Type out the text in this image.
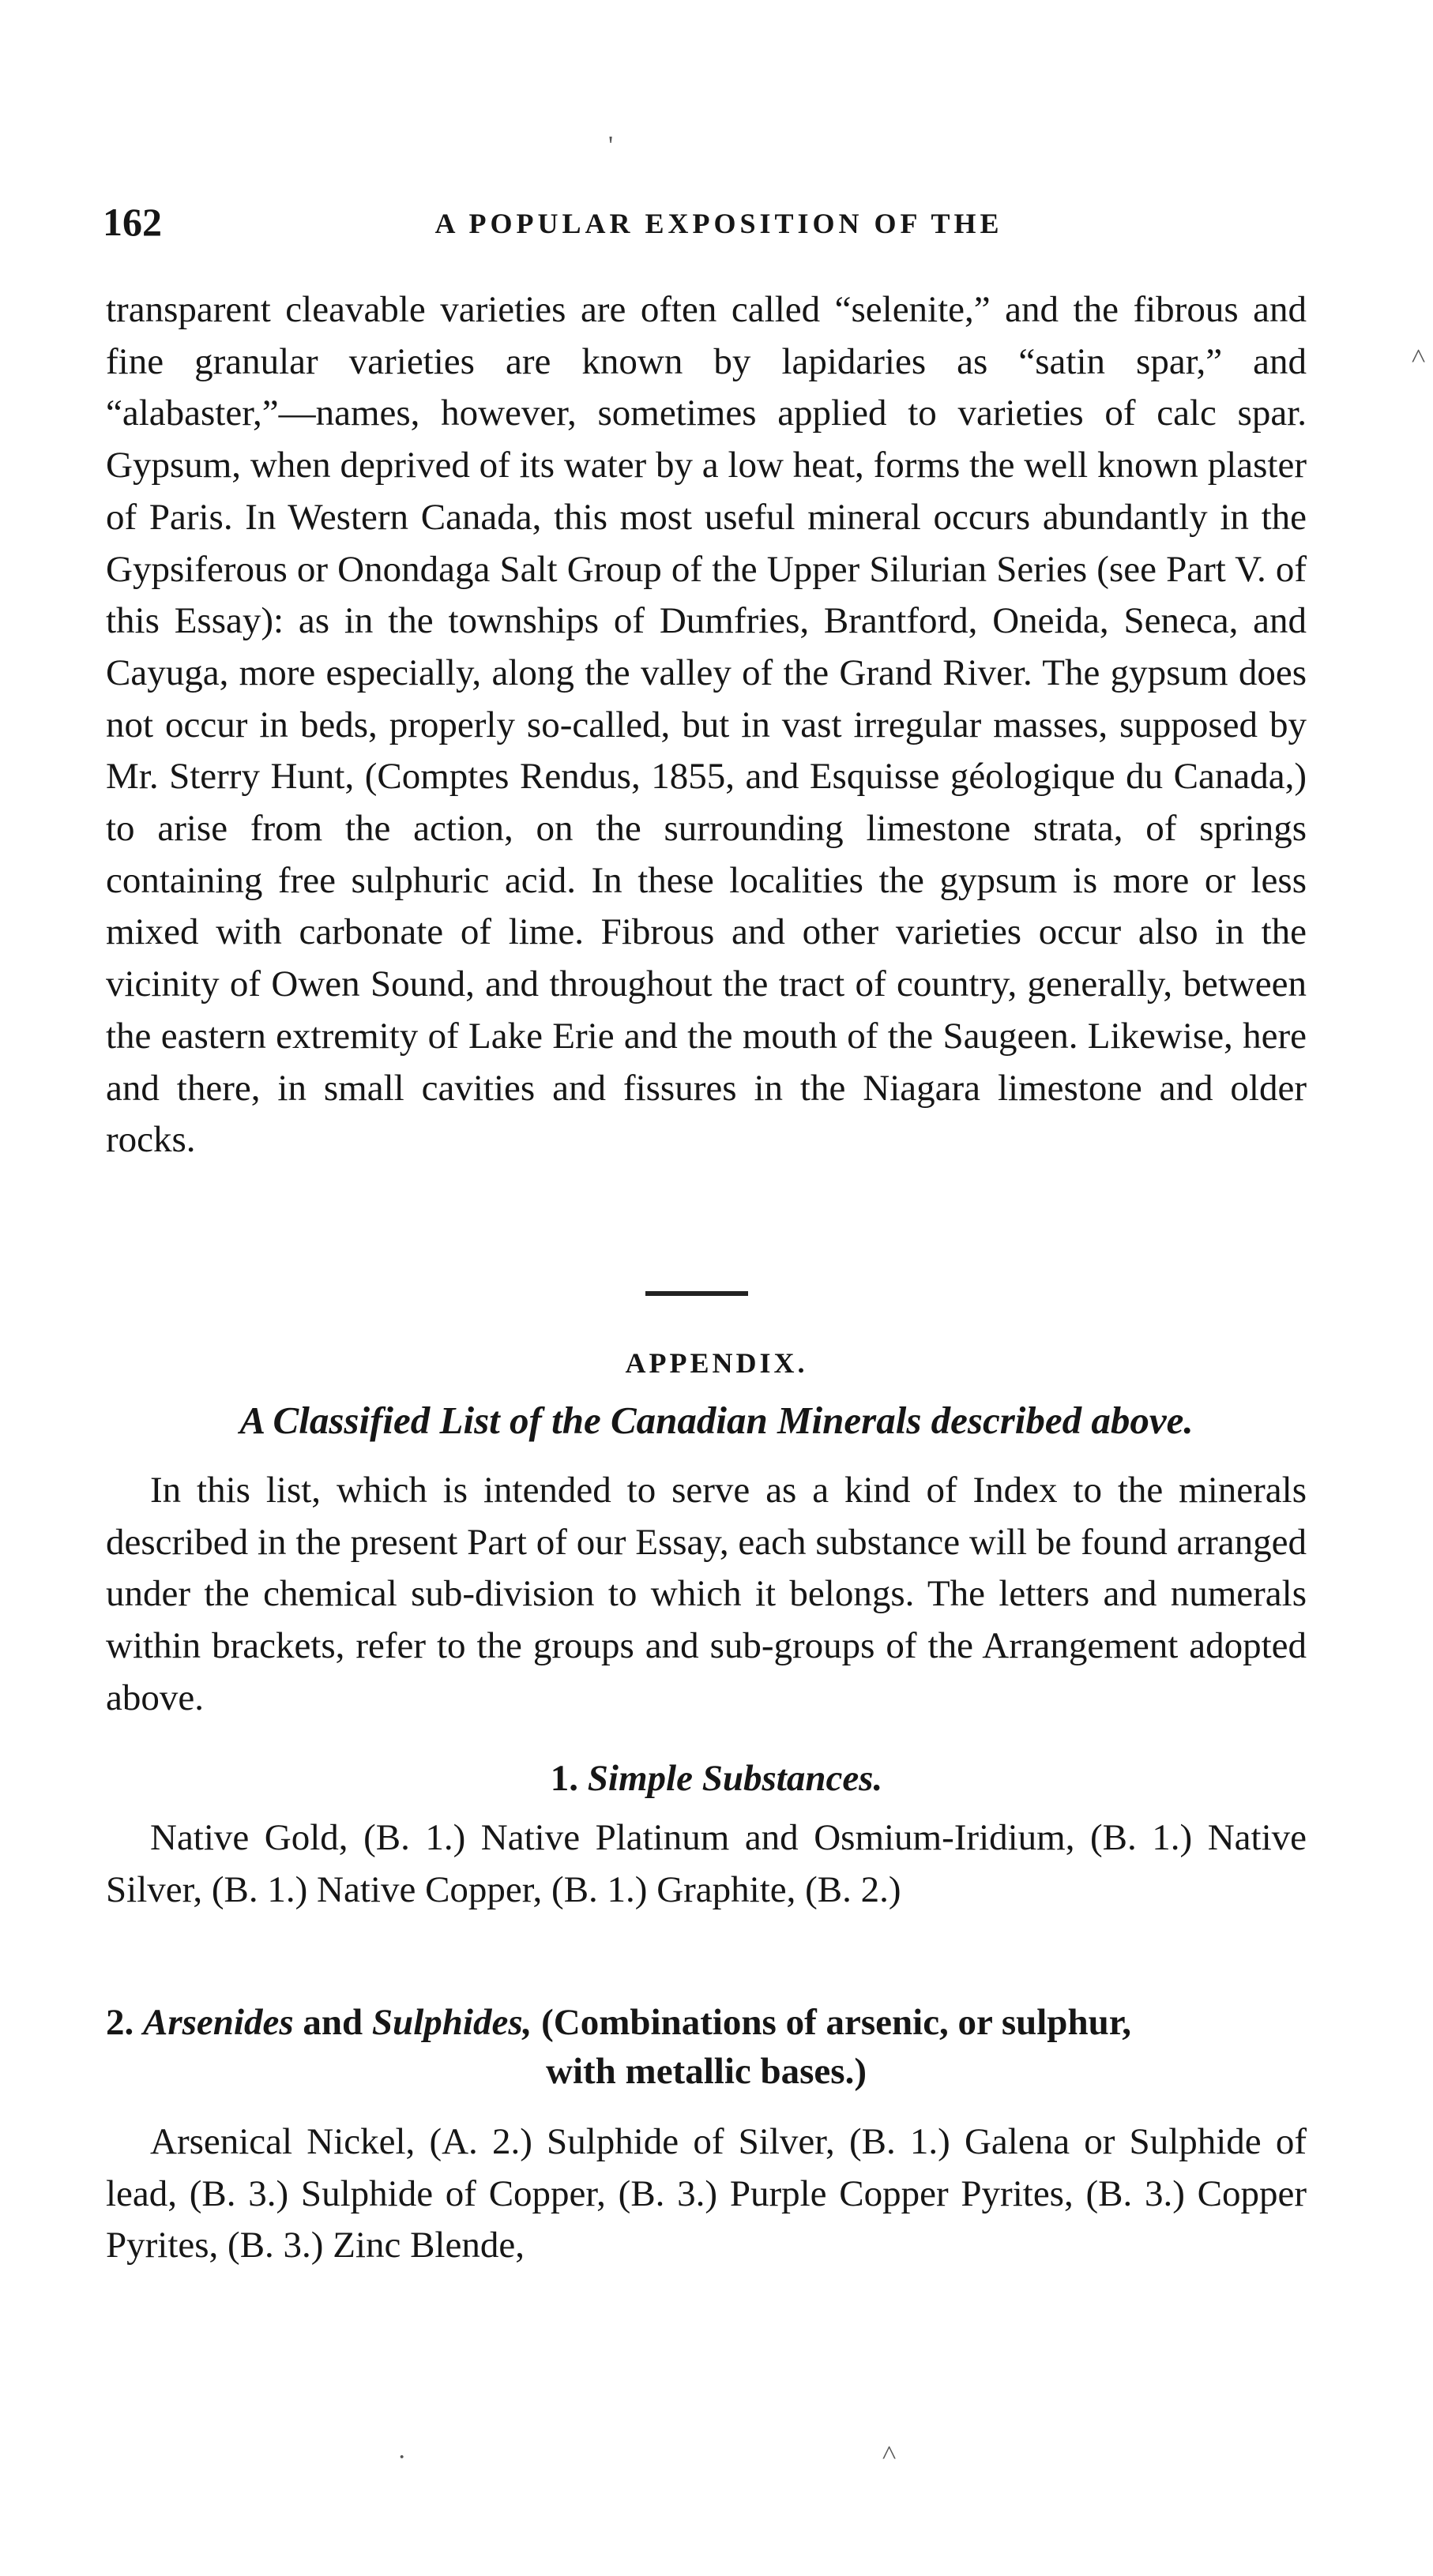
'
˄
162	A POPULAR EXPOSITION OF THE

transparent cleavable varieties are often called “selenite,” and the fibrous and fine granular varieties are known by lapidaries as “satin spar,” and “alabaster,”—names, however, sometimes applied to varieties of calc spar. Gypsum, when deprived of its water by a low heat, forms the well known plaster of Paris. In Western Canada, this most useful mineral occurs abundantly in the Gypsiferous or Onondaga Salt Group of the Upper Silurian Series (see Part V. of this Essay): as in the townships of Dumfries, Brantford, Oneida, Seneca, and Cayuga, more especially, along the valley of the Grand River. The gypsum does not occur in beds, properly so-called, but in vast irregular masses, supposed by Mr. Sterry Hunt, (Comptes Rendus, 1855, and Esquisse géologique du Canada,) to arise from the action, on the surrounding limestone strata, of springs containing free sulphuric acid. In these localities the gypsum is more or less mixed with carbonate of lime. Fibrous and other varieties occur also in the vicinity of Owen Sound, and throughout the tract of country, generally, between the eastern extremity of Lake Erie and the mouth of the Saugeen. Likewise, here and there, in small cavities and fissures in the Niagara limestone and older rocks.

APPENDIX.
A Classified List of the Canadian Minerals described above.

In this list, which is intended to serve as a kind of Index to the minerals described in the present Part of our Essay, each substance will be found arranged under the chemical sub-division to which it belongs. The letters and numerals within brackets, refer to the groups and sub-groups of the Arrangement adopted above.

1. Simple Substances.

Native Gold, (B. 1.) Native Platinum and Osmium-Iridium, (B. 1.) Native Silver, (B. 1.) Native Copper, (B. 1.) Graphite, (B. 2.)

2. Arsenides and Sulphides, (Combinations of arsenic, or sulphur,

with metallic bases.)

Arsenical Nickel, (A. 2.) Sulphide of Silver, (B. 1.) Galena or Sulphide of lead, (B. 3.) Sulphide of Copper, (B. 3.) Purple Copper Pyrites, (B. 3.) Copper Pyrites, (B. 3.) Zinc Blende,

·	˄
